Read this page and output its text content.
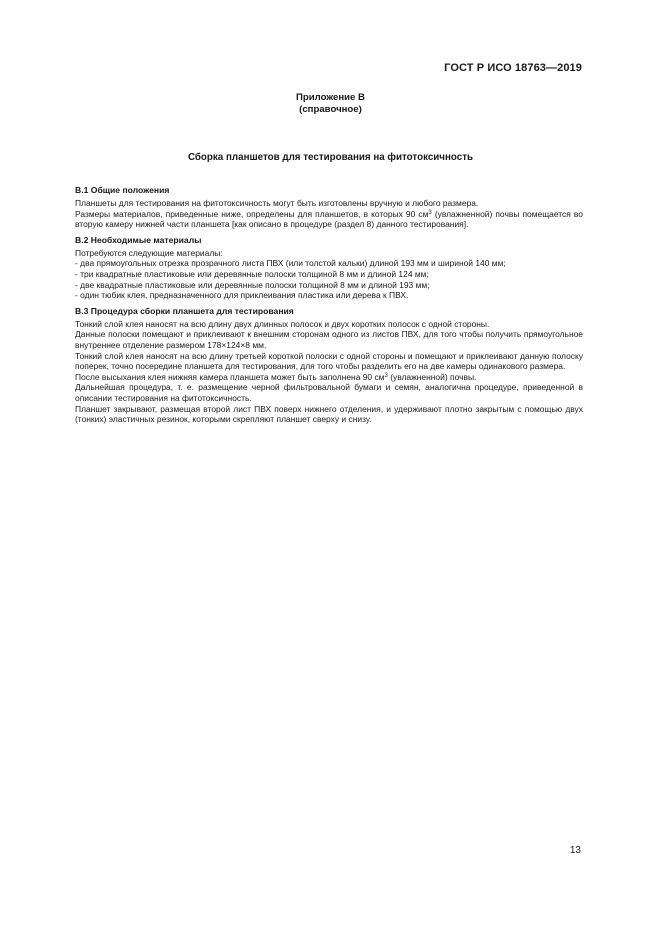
ГОСТ Р ИСО 18763—2019
Приложение В
(справочное)
Сборка планшетов для тестирования на фитотоксичность
В.1 Общие положения

Планшеты для тестирования на фитотоксичность могут быть изготовлены вручную и любого размера.

Размеры материалов, приведенные ниже, определены для планшетов, в которых 90 $см^3$ (увлажненной) почвы помещается во вторую камеру нижней части планшета [как описано в процедуре (раздел 8) данного тестирования].

В.2 Необходимые материалы

Потребуются следующие материалы:

- два прямоугольных отрезка прозрачного листа ПВХ (или толстой кальки) длиной 193 мм и шириной 140 мм;
- три квадратные пластиковые или деревянные полоски толщиной 8 мм и длиной 124 мм;
- две квадратные пластиковые или деревянные полоски толщиной 8 мм и длиной 193 мм;
- один тюбик клея, предназначенного для приклеивания пластика или дерева к ПВХ.
В.3 Процедура сборки планшета для тестирования

Тонкий слой клея наносят на всю длину двух длинных полосок и двух коротких полосок с одной стороны.

Данные полоски помещают и приклеивают к внешним сторонам одного из листов ПВХ, для того чтобы получить прямоугольное внутреннее отделение размером 178×124×8 мм.

Тонкий слой клея наносят на всю длину третьей короткой полоски с одной стороны и помещают и приклеивают данную полоску поперек, точно посередине планшета для тестирования, для того чтобы разделить его на две камеры одинакового размера.

После высыхания клея нижняя камера планшета может быть заполнена 90 $см^3$ (увлажненной) почвы.

Дальнейшая процедура, т. е. размещение черной фильтровальной бумаги и семян, аналогична процедуре, приведенной в описании тестирования на фитотоксичность.

Планшет закрывают, размещая второй лист ПВХ поверх нижнего отделения, и удерживают плотно закрытым с помощью двух (тонких) эластичных резинок, которыми скрепляют планшет сверху и снизу.

13
